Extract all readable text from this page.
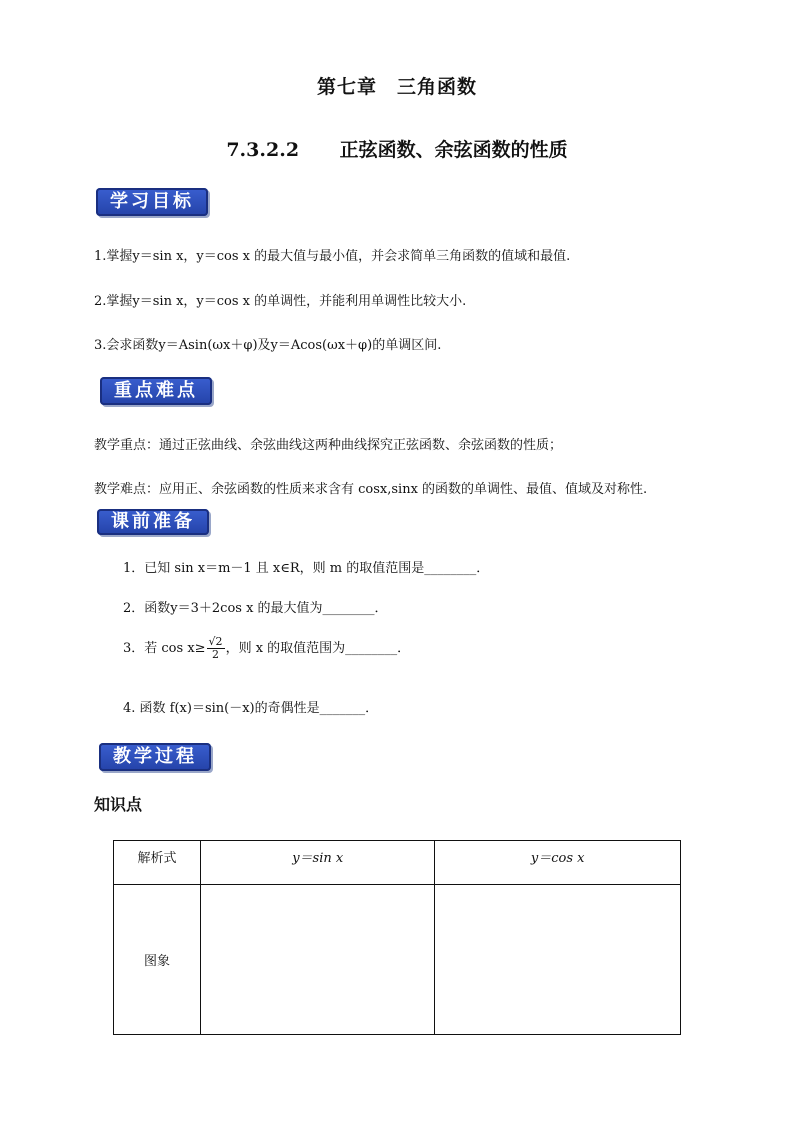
第七章　三角函数
7.3.2.2 正弦函数、余弦函数的性质
学习目标
1.掌握y＝sin x，y＝cos x 的最大值与最小值，并会求简单三角函数的值域和最值.
2.掌握y＝sin x，y＝cos x 的单调性，并能利用单调性比较大小.
3.会求函数y＝Asin(ωx＋φ)及y＝Acos(ωx＋φ)的单调区间.
重点难点
教学重点：通过正弦曲线、余弦曲线这两种曲线探究正弦函数、余弦函数的性质；
教学难点：应用正、余弦函数的性质来求含有 cosx,sinx 的函数的单调性、最值、值域及对称性.
课前准备
1．已知 sin x＝m－1 且 x∈R，则 m 的取值范围是________．
2．函数y＝3＋2cos x 的最大值为________．
3．若 $\cos x\ge \frac{√2}{2}$ ，则 x 的取值范围为________．
4. 函数 f(x)＝sin(－x)的奇偶性是_______．
教学过程
知识点
解析式	y＝sin x	y＝cos x
图象		
